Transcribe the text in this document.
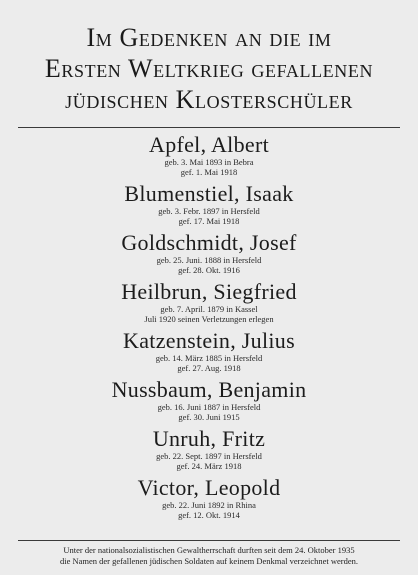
Im Gedenken an die im
Ersten Weltkrieg gefallenen
jüdischen Klosterschüler
Apfel, Albert
geb. 3. Mai 1893 in Bebra
gef. 1. Mai 1918
Blumenstiel, Isaak
geb. 3. Febr. 1897 in Hersfeld
gef. 17. Mai 1918
Goldschmidt, Josef
geb. 25. Juni. 1888 in Hersfeld
gef. 28. Okt. 1916
Heilbrun, Siegfried
geb. 7. April. 1879 in Kassel
Juli 1920 seinen Verletzungen erlegen
Katzenstein, Julius
geb. 14. März 1885 in Hersfeld
gef. 27. Aug. 1918
Nussbaum, Benjamin
geb. 16. Juni 1887 in Hersfeld
gef. 30. Juni 1915
Unruh, Fritz
geb. 22. Sept. 1897 in Hersfeld
gef. 24. März 1918
Victor, Leopold
geb. 22. Juni 1892 in Rhina
gef. 12. Okt. 1914
Unter der nationalsozialistischen Gewaltherrschaft durften seit dem 24. Oktober 1935
die Namen der gefallenen jüdischen Soldaten auf keinem Denkmal verzeichnet werden.
